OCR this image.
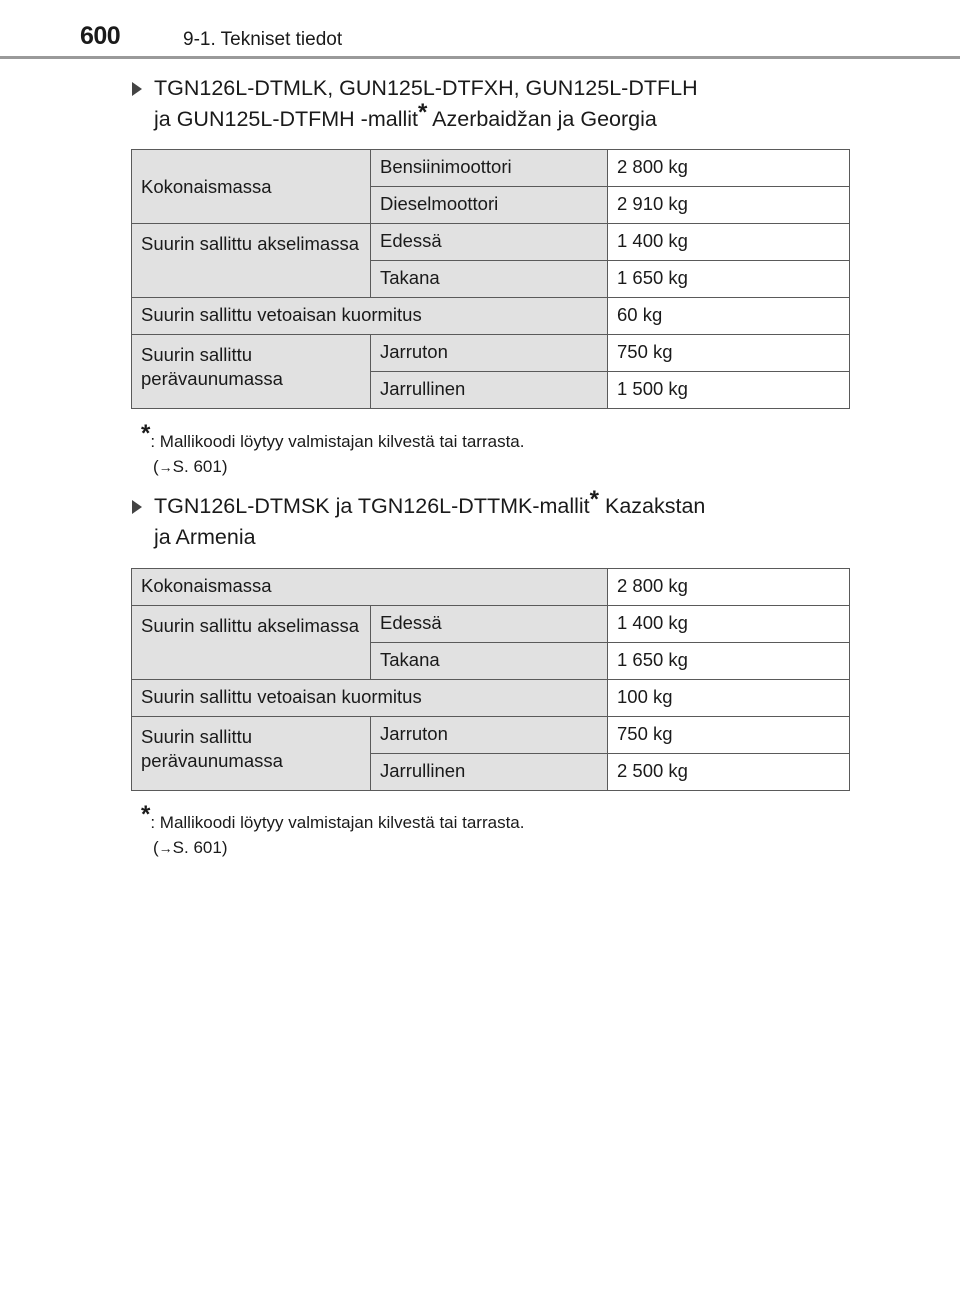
600	9-1. Tekniset tiedot
TGN126L-DTMLK, GUN125L-DTFXH, GUN125L-DTFLH
ja GUN125L-DTFMH -mallit* Azerbaidžan ja Georgia
Kokonaismassa	Bensiinimoottori	2 800 kg
	Dieselmoottori	2 910 kg
Suurin sallittu akselimassa	Edessä	1 400 kg
	Takana	1 650 kg
Suurin sallittu vetoaisan kuormitus		60 kg
Suurin sallittu perävaunumassa	Jarruton	750 kg
	Jarrullinen	1 500 kg
*: Mallikoodi löytyy valmistajan kilvestä tai tarrasta.
(→S. 601)
TGN126L-DTMSK ja TGN126L-DTTMK-mallit* Kazakstan
ja Armenia
Kokonaismassa		2 800 kg
Suurin sallittu akselimassa	Edessä	1 400 kg
	Takana	1 650 kg
Suurin sallittu vetoaisan kuormitus		100 kg
Suurin sallittu perävaunumassa	Jarruton	750 kg
	Jarrullinen	2 500 kg
*: Mallikoodi löytyy valmistajan kilvestä tai tarrasta.
(→S. 601)
